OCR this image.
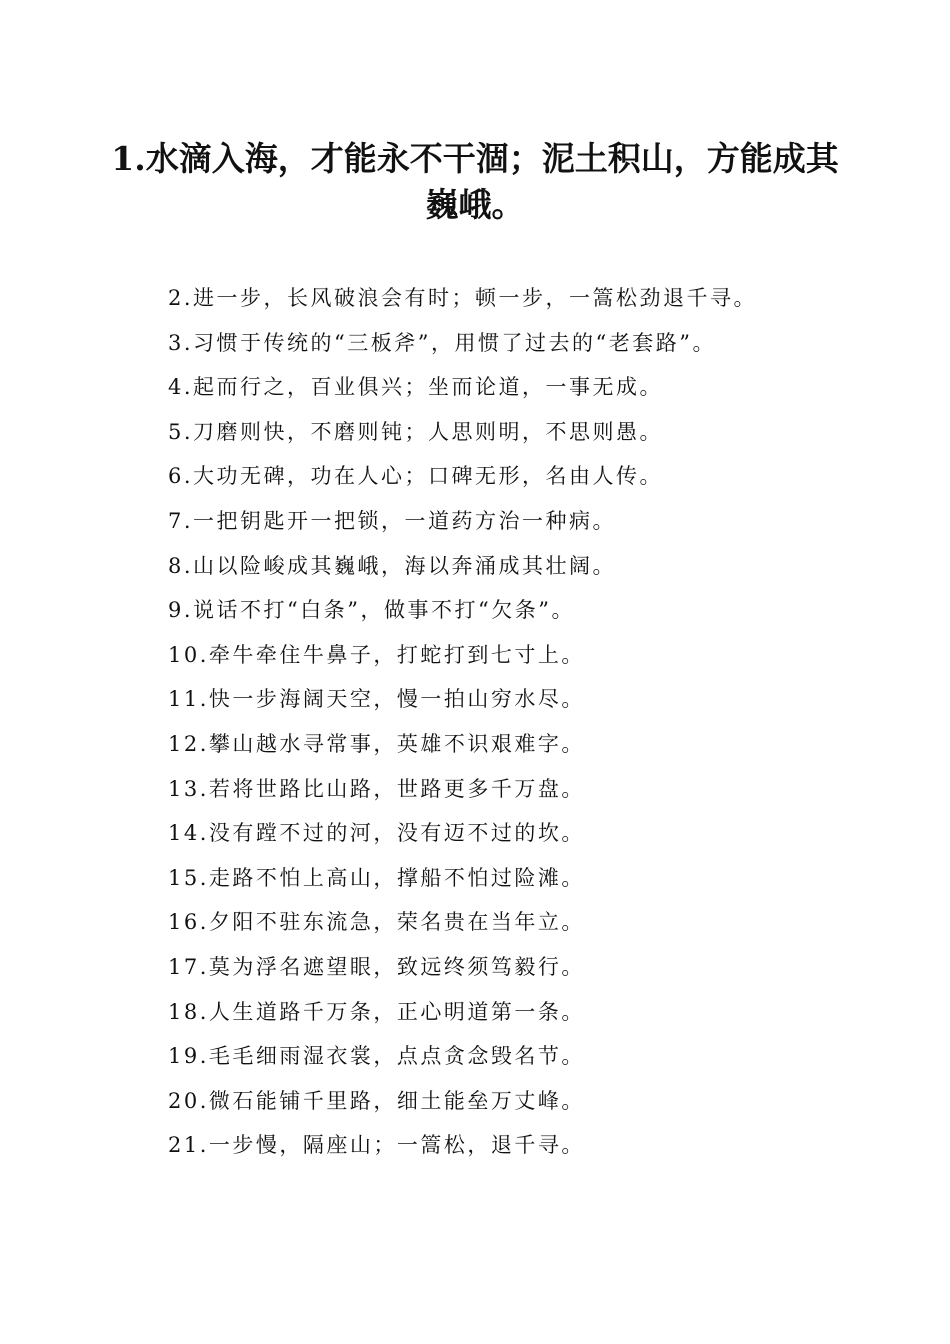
1.水滴入海，才能永不干涸；泥土积山，方能成其巍峨。
2.进一步，长风破浪会有时；顿一步，一篙松劲退千寻。
3.习惯于传统的“三板斧”，用惯了过去的“老套路”。
4.起而行之，百业俱兴；坐而论道，一事无成。
5.刀磨则快，不磨则钝；人思则明，不思则愚。
6.大功无碑，功在人心；口碑无形，名由人传。
7.一把钥匙开一把锁，一道药方治一种病。
8.山以险峻成其巍峨，海以奔涌成其壮阔。
9.说话不打“白条”，做事不打“欠条”。
10.牵牛牵住牛鼻子，打蛇打到七寸上。
11.快一步海阔天空，慢一拍山穷水尽。
12.攀山越水寻常事，英雄不识艰难字。
13.若将世路比山路，世路更多千万盘。
14.没有蹚不过的河，没有迈不过的坎。
15.走路不怕上高山，撑船不怕过险滩。
16.夕阳不驻东流急，荣名贵在当年立。
17.莫为浮名遮望眼，致远终须笃毅行。
18.人生道路千万条，正心明道第一条。
19.毛毛细雨湿衣裳，点点贪念毁名节。
20.微石能铺千里路，细土能垒万丈峰。
21.一步慢，隔座山；一篙松，退千寻。
